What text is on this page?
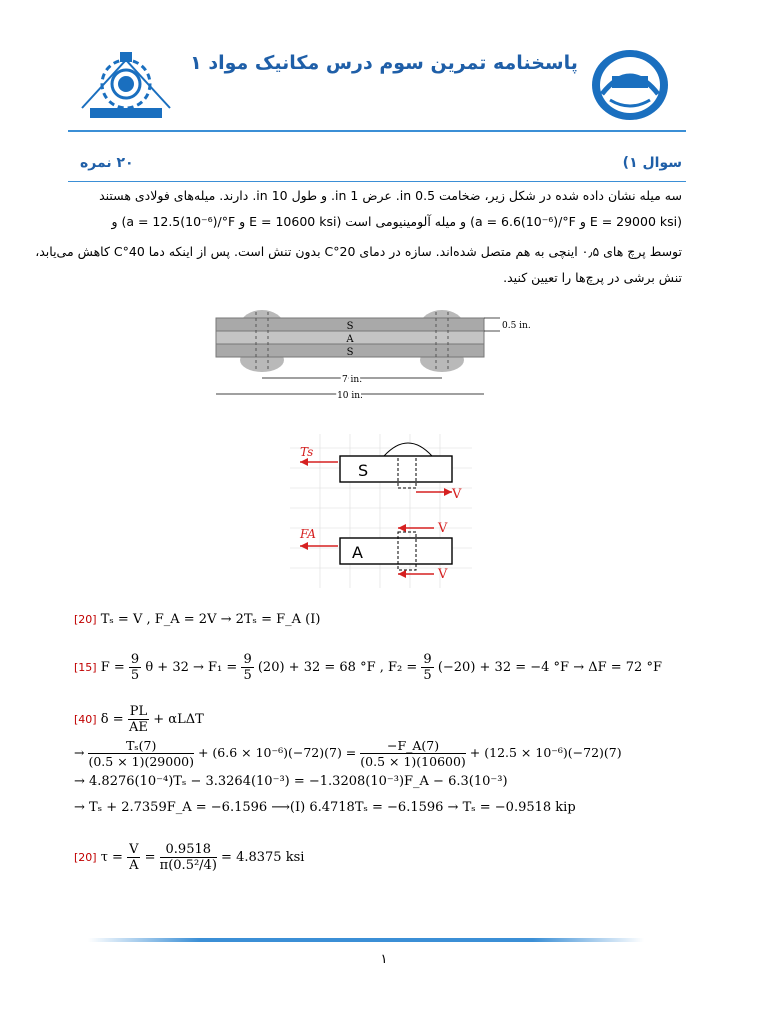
پاسخنامه تمرین سوم درس مکانیک مواد ۱
سوال ۱)
۲۰ نمره
سه میله نشان داده شده در شکل زیر، ضخامت 0.5 in. عرض 1 in. و طول 10 in. دارند. میله‌های فولادی هستند
(E = 29000 ksi و a = 6.6(10⁻⁶)/°F) و میله آلومینیومی است (E = 10600 ksi و a = 12.5(10⁻⁶)/°F) و
توسط پرچ های ۰٫۵ اینچی به هم متصل شده‌اند. سازه در دمای 20°C بدون تنش است. پس از اینکه دما 40°C کاهش می‌یابد،
تنش برشی در پرچ‌ها را تعیین کنید.
S
A
S
0.5 in.
7 in.
10 in.
S
Ts
V
A
FA	V
V
[20] Tₛ = V , F_A = 2V → 2Tₛ = F_A (I)
[15] $F = \frac{9}{5}$ $\theta + 32 \to F_1 = \frac{9}{5} (20) + 32 = 68$ °F , $F_2 = \frac{9}{5} (-20) + 32 = -4$ °F → ΔF = 72 °F
[40] $\delta = \frac{PL}{AE} + \alpha L\Delta T$
→ $\frac{\text{Tₛ(7)}}{(0.5 \times 1)(29000)} + (6.6 \times 10^{-6})(-72)(7) = \frac{-F\_A(7)}{(0.5 \times 1)(10600)} + (12.5 \times 10^{-6})(-72)(7)$
→ 4.8276(10⁻⁴)Tₛ − 3.3264(10⁻³) = −1.3208(10⁻³)F_A − 6.3(10⁻³)
→ Tₛ + 2.7359F_A = −6.1596 ⟶(I) 6.4718Tₛ = −6.1596 → Tₛ = −0.9518 kip
[20] $\tau = \frac{V}{A} = \frac{0.9518}{\text{π(0.5²/4)}} = 4.8375$ ksi
۱
